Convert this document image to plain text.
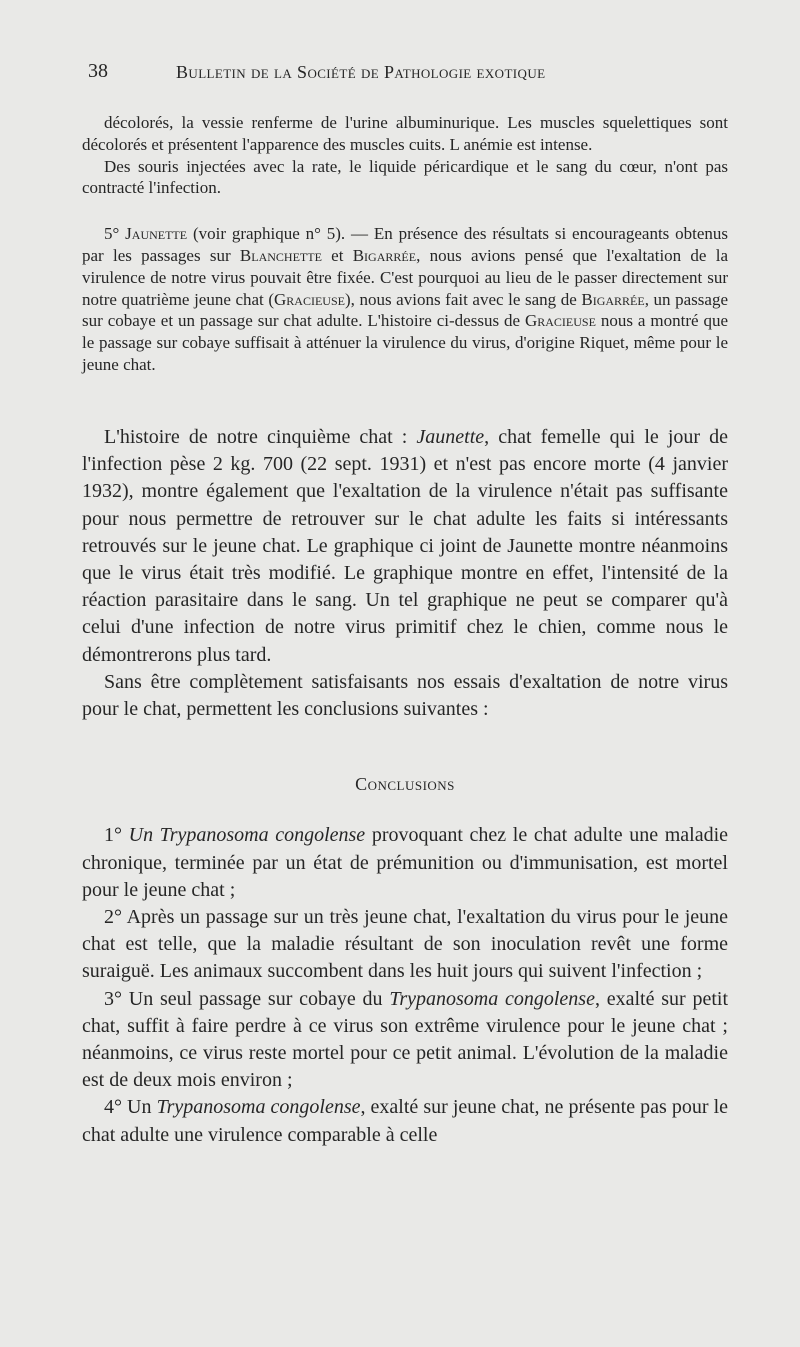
38	Bulletin de la Société de Pathologie exotique

décolorés, la vessie renferme de l'urine albuminurique. Les muscles squelettiques sont décolorés et présentent l'apparence des muscles cuits. L anémie est intense.

Des souris injectées avec la rate, le liquide péricardique et le sang du cœur, n'ont pas contracté l'infection.

5° Jaunette (voir graphique n° 5). — En présence des résultats si encourageants obtenus par les passages sur Blanchette et Bigarrée, nous avions pensé que l'exaltation de la virulence de notre virus pouvait être fixée. C'est pourquoi au lieu de le passer directement sur notre quatrième jeune chat (Gracieuse), nous avions fait avec le sang de Bigarrée, un passage sur cobaye et un passage sur chat adulte. L'histoire ci-dessus de Gracieuse nous a montré que le passage sur cobaye suffisait à atténuer la virulence du virus, d'origine Riquet, même pour le jeune chat.

L'histoire de notre cinquième chat : Jaunette, chat femelle qui le jour de l'infection pèse 2 kg. 700 (22 sept. 1931) et n'est pas encore morte (4 janvier 1932), montre également que l'exaltation de la virulence n'était pas suffisante pour nous permettre de retrouver sur le chat adulte les faits si intéressants retrouvés sur le jeune chat. Le graphique ci joint de Jaunette montre néanmoins que le virus était très modifié. Le graphique montre en effet, l'intensité de la réaction parasitaire dans le sang. Un tel graphique ne peut se comparer qu'à celui d'une infection de notre virus primitif chez le chien, comme nous le démontrerons plus tard.

Sans être complètement satisfaisants nos essais d'exaltation de notre virus pour le chat, permettent les conclusions suivantes :

Conclusions

1° Un Trypanosoma congolense provoquant chez le chat adulte une maladie chronique, terminée par un état de prémunition ou d'immunisation, est mortel pour le jeune chat ;

2° Après un passage sur un très jeune chat, l'exaltation du virus pour le jeune chat est telle, que la maladie résultant de son inoculation revêt une forme suraiguë. Les animaux succombent dans les huit jours qui suivent l'infection ;

3° Un seul passage sur cobaye du Trypanosoma congolense, exalté sur petit chat, suffit à faire perdre à ce virus son extrême virulence pour le jeune chat ; néanmoins, ce virus reste mortel pour ce petit animal. L'évolution de la maladie est de deux mois environ ;

4° Un Trypanosoma congolense, exalté sur jeune chat, ne présente pas pour le chat adulte une virulence comparable à celle
